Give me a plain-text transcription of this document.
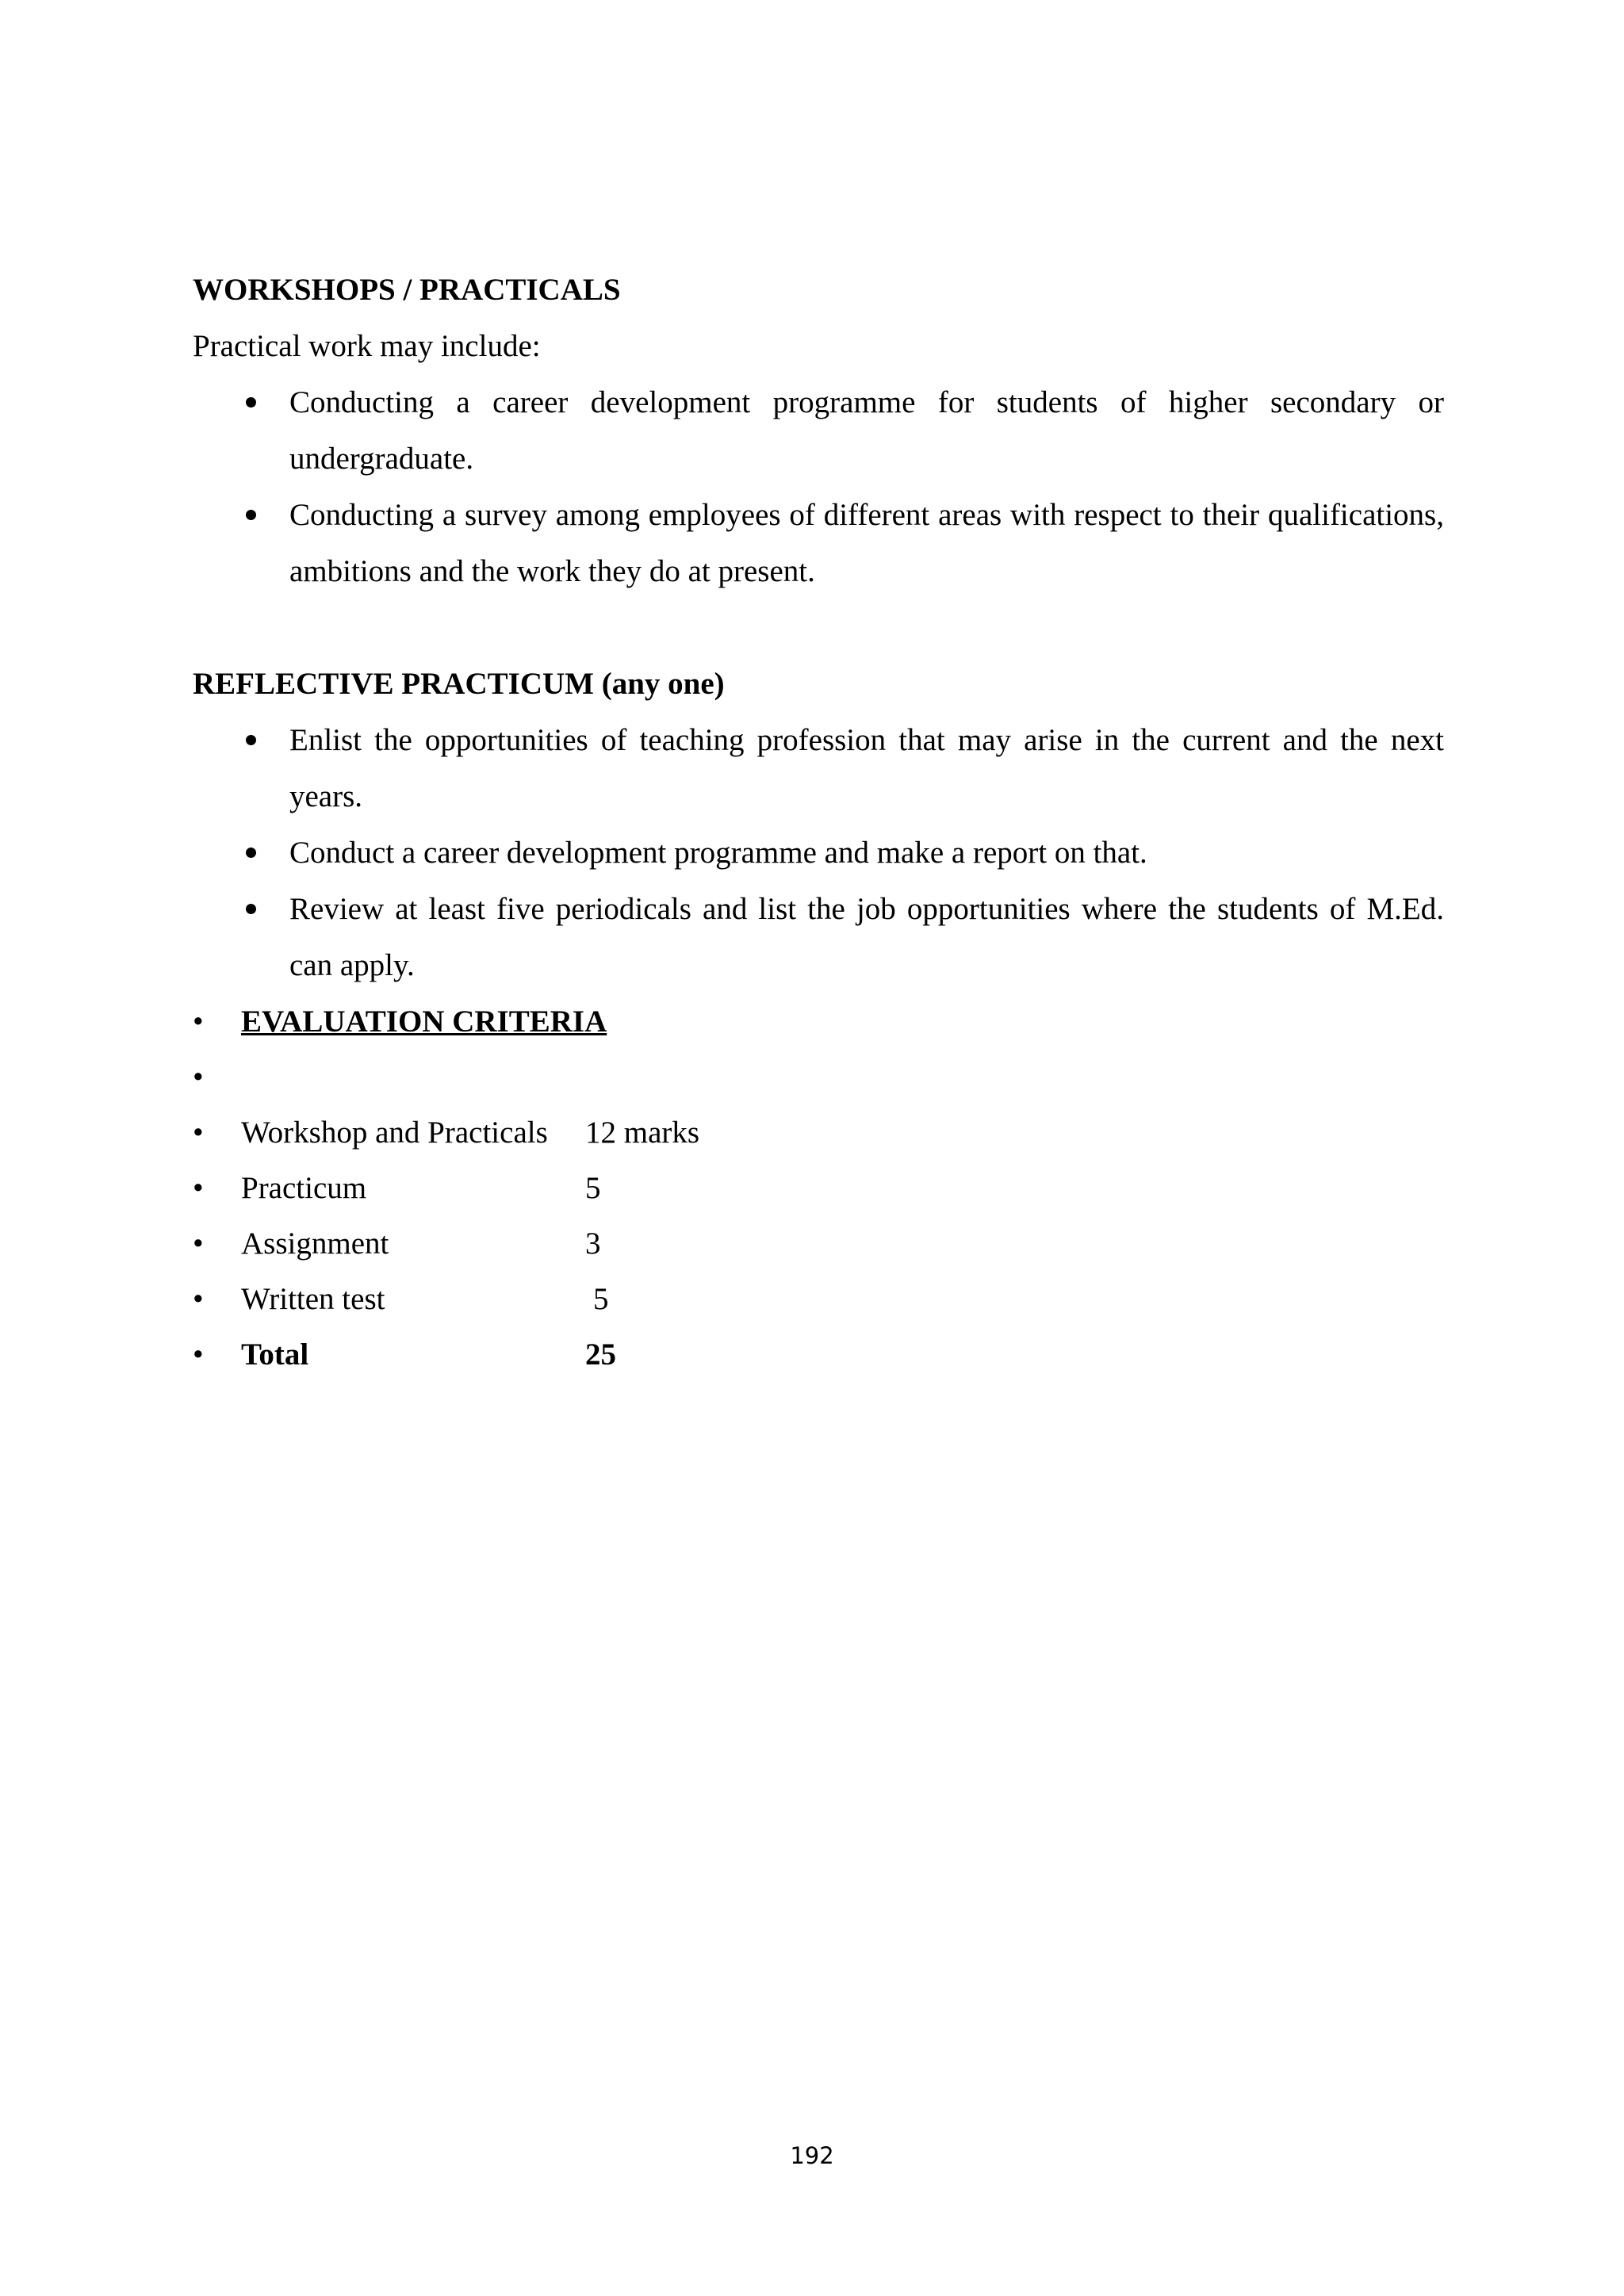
WORKSHOPS / PRACTICALS

Practical work may include:

Conducting a career development programme for students of higher secondary or undergraduate.
Conducting a survey among employees of different areas with respect to their qualifications, ambitions and the work they do at present.

REFLECTIVE PRACTICUM (any one)

Enlist the opportunities of teaching profession that may arise in the current and the next years.
Conduct a career development programme and make a report on that.
Review at least five periodicals and list the job opportunities where the students of M.Ed. can apply.
• EVALUATION CRITERIA
•
• Workshop and Practicals 12 marks
• Practicum	5
• Assignment	3
• Written test	5
• Total	25
192
